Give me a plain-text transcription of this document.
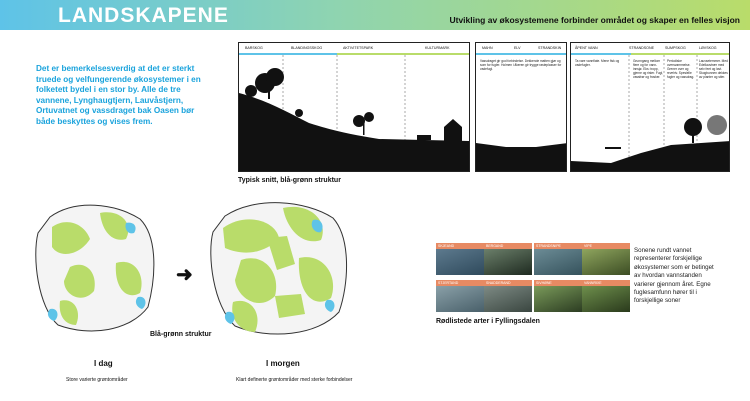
LANDSKAPENE	Utvikling av økosystemene forbinder området og skaper en felles visjon
Det er bemerkelsesverdig at det er sterkt truede og velfungerende økosystemer i en folketett bydel i en stor by. Alle de tre vannene, Lynghaugtjern, Lauvåstjern, Ortuvatnet og vassdraget bak Oasen bør både beskyttes og vises frem.
BARSKOG	BLANDINGSSKOG	AKTIVITETSPARK	KULTURMARK	MAHN	ELV	STRANDSKIN
Vassdraget gir god forbindelse. Dekkende matten gjør og som for fugler. Holmen i åkeren gir trygge rasteplasser for vadefugl.
ÅPENT VANN	STRANDSONE	SUMPSKOG	LØVSKOG
Ta vare vannflate. Mene fisk og vadefugler.
Grunngang mellom flere og for vann-innsjø. Eks: tropp, gjerne og rister. Fugl, vassfrør og frosker.
Periodiske oversvømmelse. Grener over og revehiv. Spesielle fugler og vassdrag.
Lauvsetemmer. Med Edellauvtrær med selv feet og lavt. Skogbunnen dekkes av planter og stier.
Typisk snitt, blå-grønn struktur
➜
Blå-grønn struktur
I dag
Store varierte grøntområder
I morgen
Klart definerte grøntområder med sterke forbindelser
SKJEAND	BERGAND
STJERTAND	SNADDERAND
STRANDSNIPE	VIPE
SIVHØNE	VANNRIXE
Rødlistede arter i Fyllingsdalen
Sonene rundt vannet representerer forskjellige økosystemer som er betinget av hvordan vannstanden varierer gjennom året. Egne fuglesamfunn hører til i forskjellige soner
